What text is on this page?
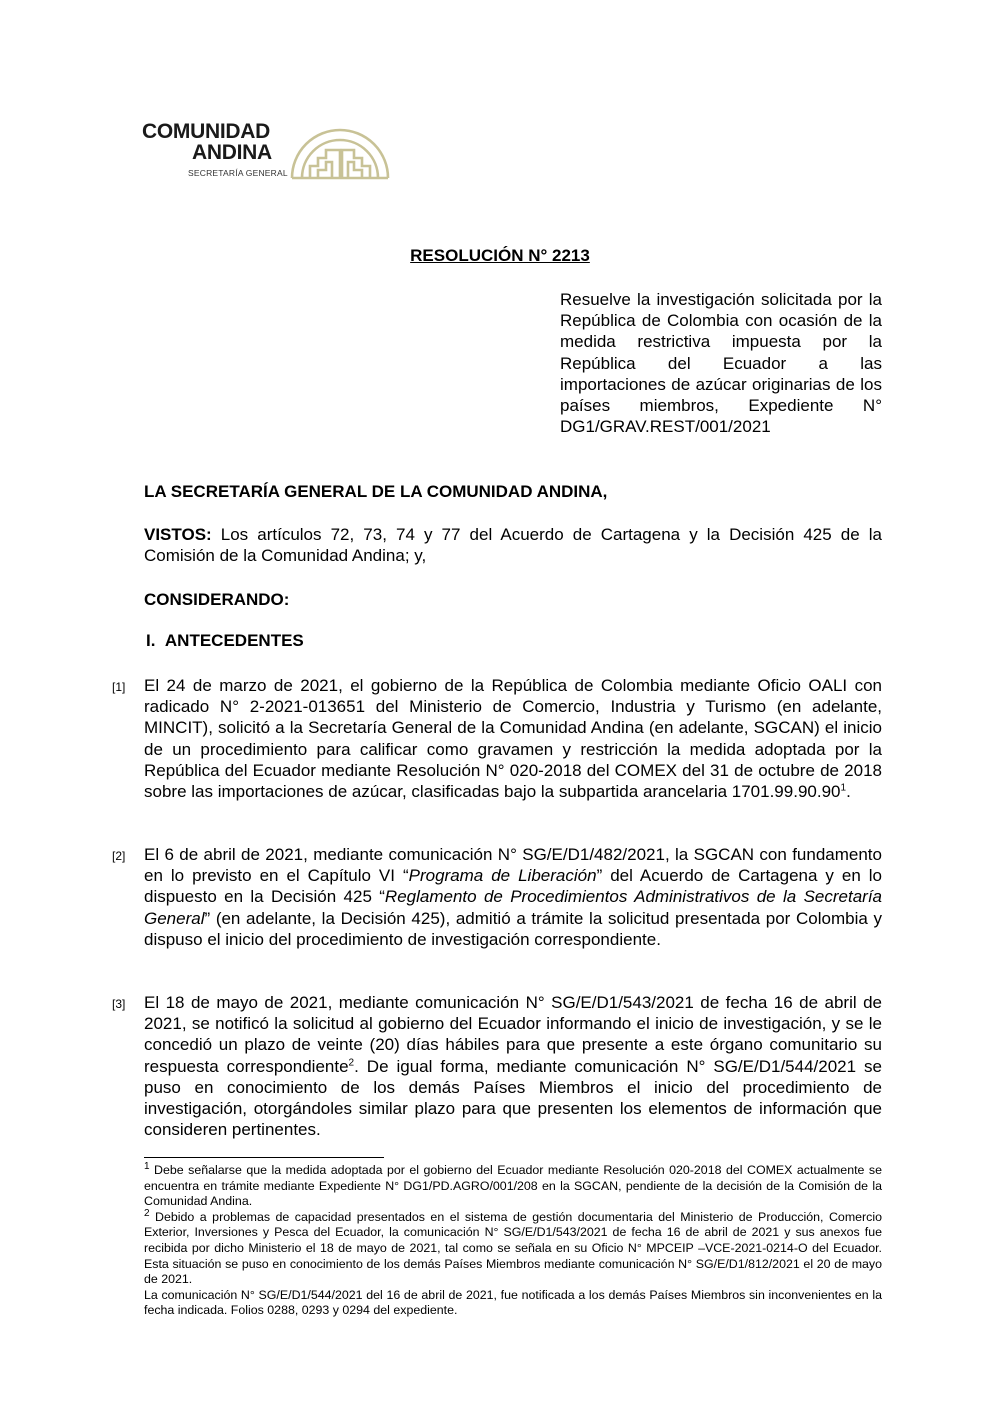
COMUNIDAD
ANDINA
SECRETARÍA GENERAL
RESOLUCIÓN N° 2213
Resuelve la investigación solicitada por la República de Colombia con ocasión de la medida restrictiva impuesta por la República del Ecuador a las importaciones de azúcar originarias de los países miembros, Expediente N° DG1/GRAV.REST/001/2021
LA SECRETARÍA GENERAL DE LA COMUNIDAD ANDINA,
VISTOS: Los artículos 72, 73, 74 y 77 del Acuerdo de Cartagena y la Decisión 425 de la Comisión de la Comunidad Andina; y,
CONSIDERANDO:
I. ANTECEDENTES
[1] El 24 de marzo de 2021, el gobierno de la República de Colombia mediante Oficio OALI con radicado N° 2-2021-013651 del Ministerio de Comercio, Industria y Turismo (en adelante, MINCIT), solicitó a la Secretaría General de la Comunidad Andina (en adelante, SGCAN) el inicio de un procedimiento para calificar como gravamen y restricción la medida adoptada por la República del Ecuador mediante Resolución N° 020-2018 del COMEX del 31 de octubre de 2018 sobre las importaciones de azúcar, clasificadas bajo la subpartida arancelaria 1701.99.90.90$^1$.
[2] El 6 de abril de 2021, mediante comunicación N° SG/E/D1/482/2021, la SGCAN con fundamento en lo previsto en el Capítulo VI “Programa de Liberación” del Acuerdo de Cartagena y en lo dispuesto en la Decisión 425 “Reglamento de Procedimientos Administrativos de la Secretaría General” (en adelante, la Decisión 425), admitió a trámite la solicitud presentada por Colombia y dispuso el inicio del procedimiento de investigación correspondiente.
[3] El 18 de mayo de 2021, mediante comunicación N° SG/E/D1/543/2021 de fecha 16 de abril de 2021, se notificó la solicitud al gobierno del Ecuador informando el inicio de investigación, y se le concedió un plazo de veinte (20) días hábiles para que presente a este órgano comunitario su respuesta correspondiente$^2$. De igual forma, mediante comunicación N° SG/E/D1/544/2021 se puso en conocimiento de los demás Países Miembros el inicio del procedimiento de investigación, otorgándoles similar plazo para que presenten los elementos de información que consideren pertinentes.

$^1$ Debe señalarse que la medida adoptada por el gobierno del Ecuador mediante Resolución 020-2018 del COMEX actualmente se encuentra en trámite mediante Expediente N° DG1/PD.AGRO/001/208 en la SGCAN, pendiente de la decisión de la Comisión de la Comunidad Andina.

$^2$ Debido a problemas de capacidad presentados en el sistema de gestión documentaria del Ministerio de Producción, Comercio Exterior, Inversiones y Pesca del Ecuador, la comunicación N° SG/E/D1/543/2021 de fecha 16 de abril de 2021 y sus anexos fue recibida por dicho Ministerio el 18 de mayo de 2021, tal como se señala en su Oficio N° MPCEIP –VCE-2021-0214-O del Ecuador. Esta situación se puso en conocimiento de los demás Países Miembros mediante comunicación N° SG/E/D1/812/2021 el 20 de mayo de 2021.

La comunicación N° SG/E/D1/544/2021 del 16 de abril de 2021, fue notificada a los demás Países Miembros sin inconvenientes en la fecha indicada. Folios 0288, 0293 y 0294 del expediente.
